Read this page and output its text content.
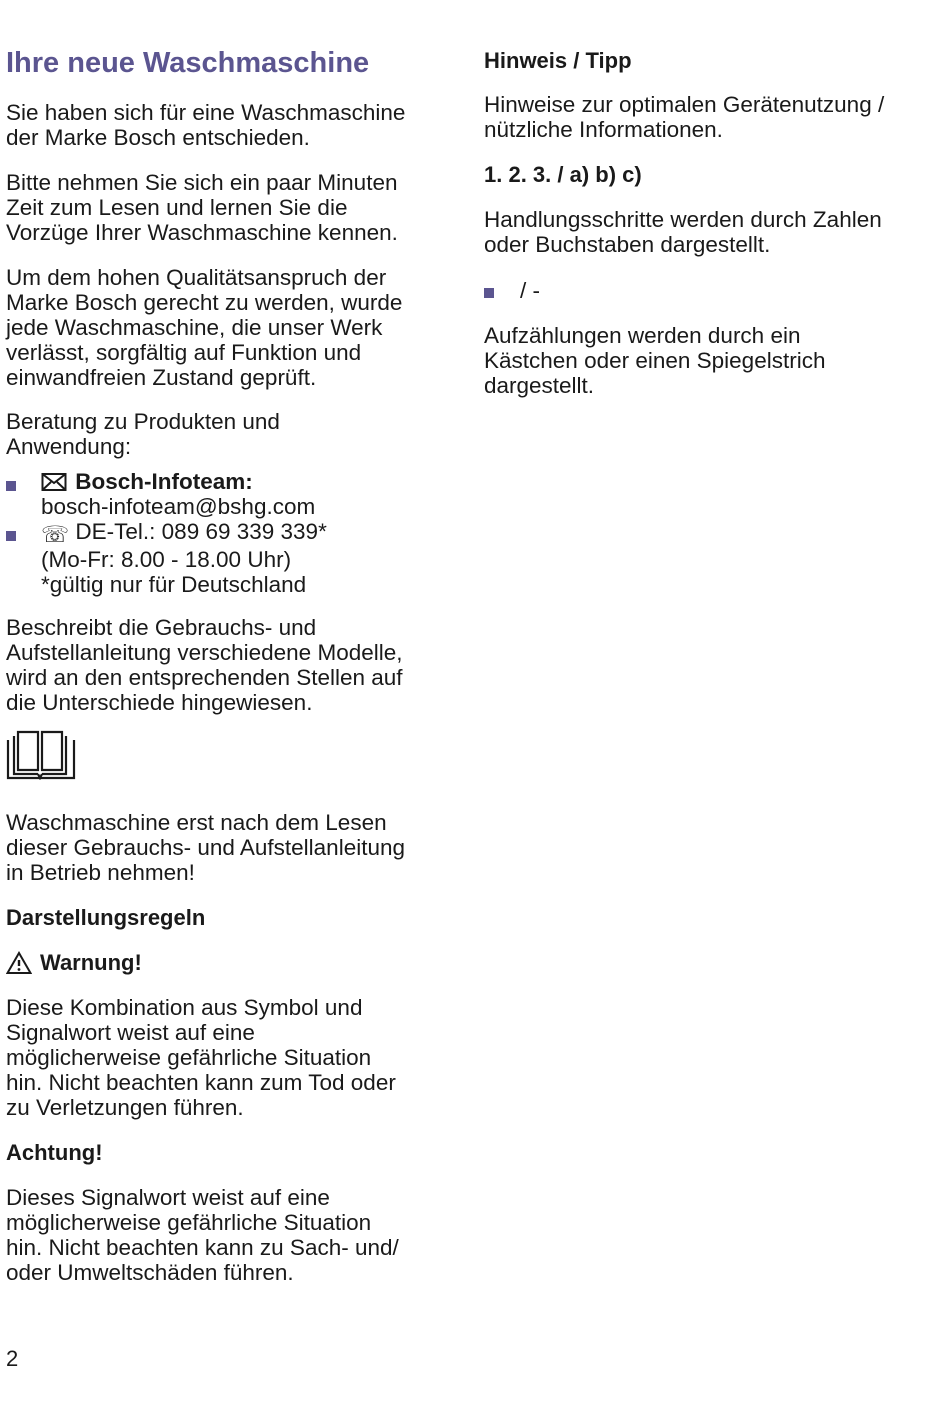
Ihre neue Waschmaschine

Sie haben sich für eine Waschmaschine
der Marke Bosch entschieden.

Bitte nehmen Sie sich ein paar Minuten
Zeit zum Lesen und lernen Sie die
Vorzüge Ihrer Waschmaschine kennen.

Um dem hohen Qualitätsanspruch der
Marke Bosch gerecht zu werden, wurde
jede Waschmaschine, die unser Werk
verlässt, sorgfältig auf Funktion und
einwandfreien Zustand geprüft.

Beratung zu Produkten und
Anwendung:

Bosch-Infoteam:
bosch-infoteam@bshg.com

☏ DE-Tel.: 089 69 339 339*
(Mo-Fr: 8.00 - 18.00 Uhr)
*gültig nur für Deutschland

Beschreibt die Gebrauchs- und
Aufstellanleitung verschiedene Modelle,
wird an den entsprechenden Stellen auf
die Unterschiede hingewiesen.

Waschmaschine erst nach dem Lesen
dieser Gebrauchs- und Aufstellanleitung
in Betrieb nehmen!

Darstellungsregeln

Warnung!

Diese Kombination aus Symbol und
Signalwort weist auf eine
möglicherweise gefährliche Situation
hin. Nicht beachten kann zum Tod oder
zu Verletzungen führen.

Achtung!

Dieses Signalwort weist auf eine
möglicherweise gefährliche Situation
hin. Nicht beachten kann zu Sach- und/
oder Umweltschäden führen.

Hinweis / Tipp

Hinweise zur optimalen Gerätenutzung /
nützliche Informationen.

1. 2. 3. / a) b) c)

Handlungsschritte werden durch Zahlen
oder Buchstaben dargestellt.

/ -

Aufzählungen werden durch ein
Kästchen oder einen Spiegelstrich
dargestellt.

2
